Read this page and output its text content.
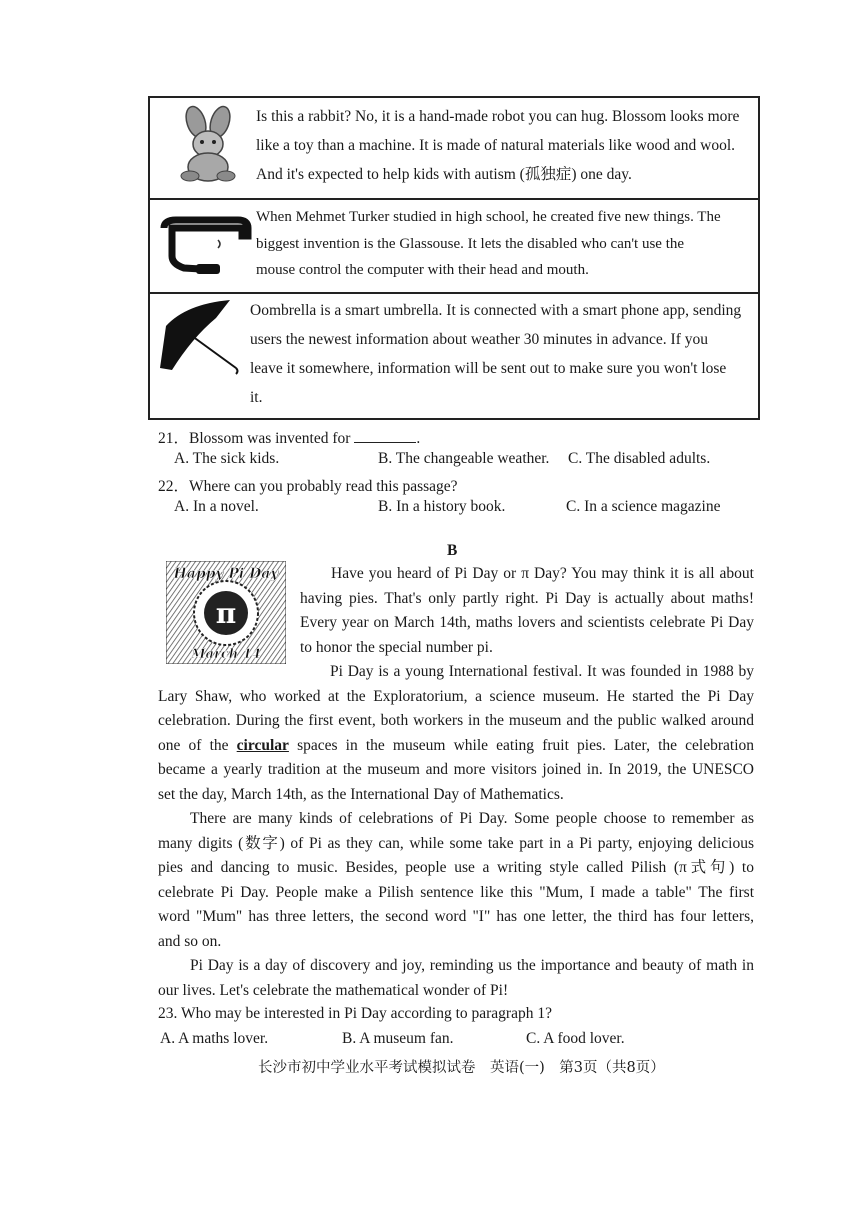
Is this a rabbit? No, it is a hand-made robot you can hug. Blossom looks more
like a toy than a machine. It is made of natural materials like wood and wool.
And it's expected to help kids with autism (孤独症) one day.
When Mehmet Turker studied in high school, he created five new things. The
biggest invention is the Glassouse. It lets the disabled who can't use the
mouse control the computer with their head and mouth.
Oombrella is a smart umbrella. It is connected with a smart phone app, sending
users the newest information about weather 30 minutes in advance. If you
leave it somewhere, information will be sent out to make sure you won't lose
it.
21．Blossom was invented for	.
A. The sick kids.	B. The changeable weather. C. The disabled adults.
22．Where can you probably read this passage?
A. In a novel.	B. In a history book.	C. In a science magazine
B
π
Happy Pi Day
March 14
Have you heard of Pi Day or π Day? You may think it is all about
having pies. That's only partly right. Pi Day is actually about maths!
Every year on March 14th, maths lovers and scientists celebrate Pi Day
to honor the special number pi.
Pi Day is a young International festival. It was founded in 1988 by
Lary Shaw, who worked at the Exploratorium, a science museum. He started the Pi Day
celebration. During the first event, both workers in the museum and the public walked around
one of the circular spaces in the museum while eating fruit pies. Later, the celebration
became a yearly tradition at the museum and more visitors joined in. In 2019, the UNESCO
set the day, March 14th, as the International Day of Mathematics.
There are many kinds of celebrations of Pi Day. Some people choose to remember as
many digits (数字) of Pi as they can, while some take part in a Pi party, enjoying delicious
pies and dancing to music. Besides, people use a writing style called Pilish (π式句) to
celebrate Pi Day. People make a Pilish sentence like this "Mum, I made a table" The first
word "Mum" has three letters, the second word "I" has one letter, the third has four letters,
and so on.
Pi Day is a day of discovery and joy, reminding us the importance and beauty of math in
our lives. Let's celebrate the mathematical wonder of Pi!
23. Who may be interested in Pi Day according to paragraph 1?
A. A maths lover.	B. A museum fan.	C. A food lover.
长沙市初中学业水平考试模拟试卷　英语(一)　第3页（共8页）
